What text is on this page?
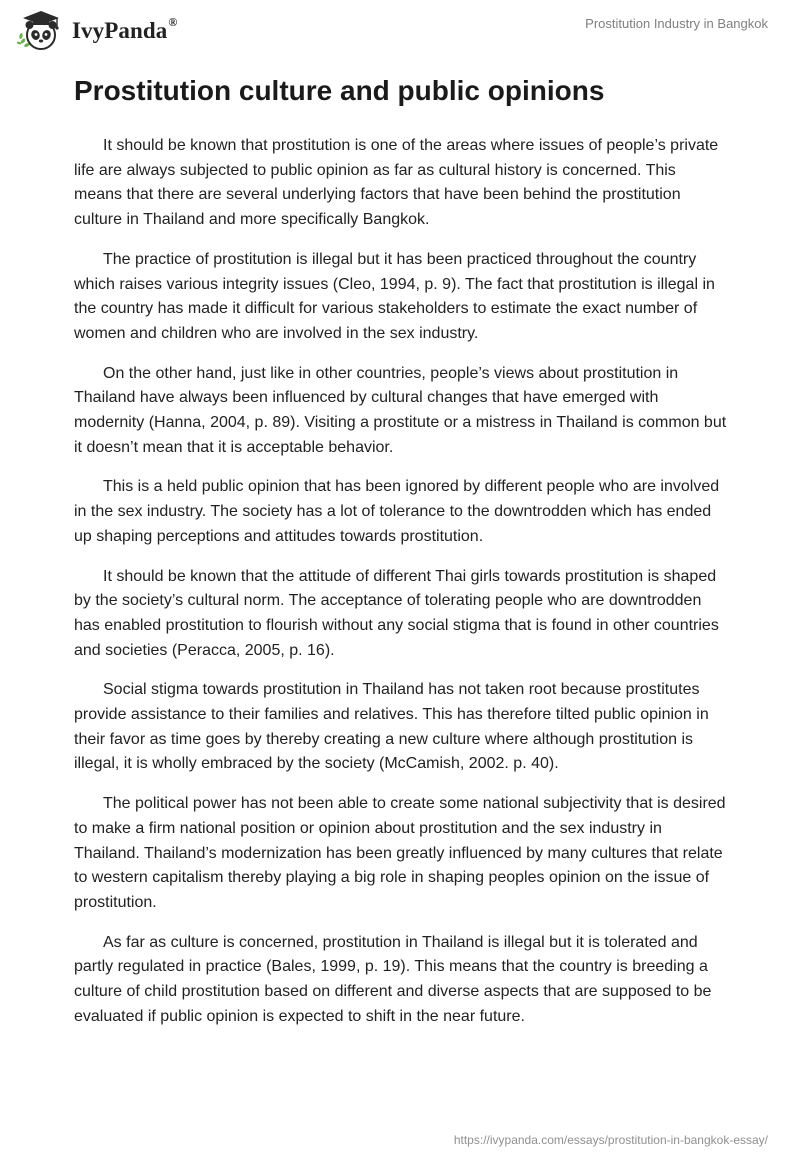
IvyPanda®	Prostitution Industry in Bangkok
Prostitution culture and public opinions

It should be known that prostitution is one of the areas where issues of people’s private life are always subjected to public opinion as far as cultural history is concerned. This means that there are several underlying factors that have been behind the prostitution culture in Thailand and more specifically Bangkok.

The practice of prostitution is illegal but it has been practiced throughout the country which raises various integrity issues (Cleo, 1994, p. 9). The fact that prostitution is illegal in the country has made it difficult for various stakeholders to estimate the exact number of women and children who are involved in the sex industry.

On the other hand, just like in other countries, people’s views about prostitution in Thailand have always been influenced by cultural changes that have emerged with modernity (Hanna, 2004, p. 89). Visiting a prostitute or a mistress in Thailand is common but it doesn’t mean that it is acceptable behavior.

This is a held public opinion that has been ignored by different people who are involved in the sex industry. The society has a lot of tolerance to the downtrodden which has ended up shaping perceptions and attitudes towards prostitution.

It should be known that the attitude of different Thai girls towards prostitution is shaped by the society’s cultural norm. The acceptance of tolerating people who are downtrodden has enabled prostitution to flourish without any social stigma that is found in other countries and societies (Peracca, 2005, p. 16).

Social stigma towards prostitution in Thailand has not taken root because prostitutes provide assistance to their families and relatives. This has therefore tilted public opinion in their favor as time goes by thereby creating a new culture where although prostitution is illegal, it is wholly embraced by the society (McCamish, 2002. p. 40).

The political power has not been able to create some national subjectivity that is desired to make a firm national position or opinion about prostitution and the sex industry in Thailand. Thailand’s modernization has been greatly influenced by many cultures that relate to western capitalism thereby playing a big role in shaping peoples opinion on the issue of prostitution.

As far as culture is concerned, prostitution in Thailand is illegal but it is tolerated and partly regulated in practice (Bales, 1999, p. 19). This means that the country is breeding a culture of child prostitution based on different and diverse aspects that are supposed to be evaluated if public opinion is expected to shift in the near future.

https://ivypanda.com/essays/prostitution-in-bangkok-essay/
